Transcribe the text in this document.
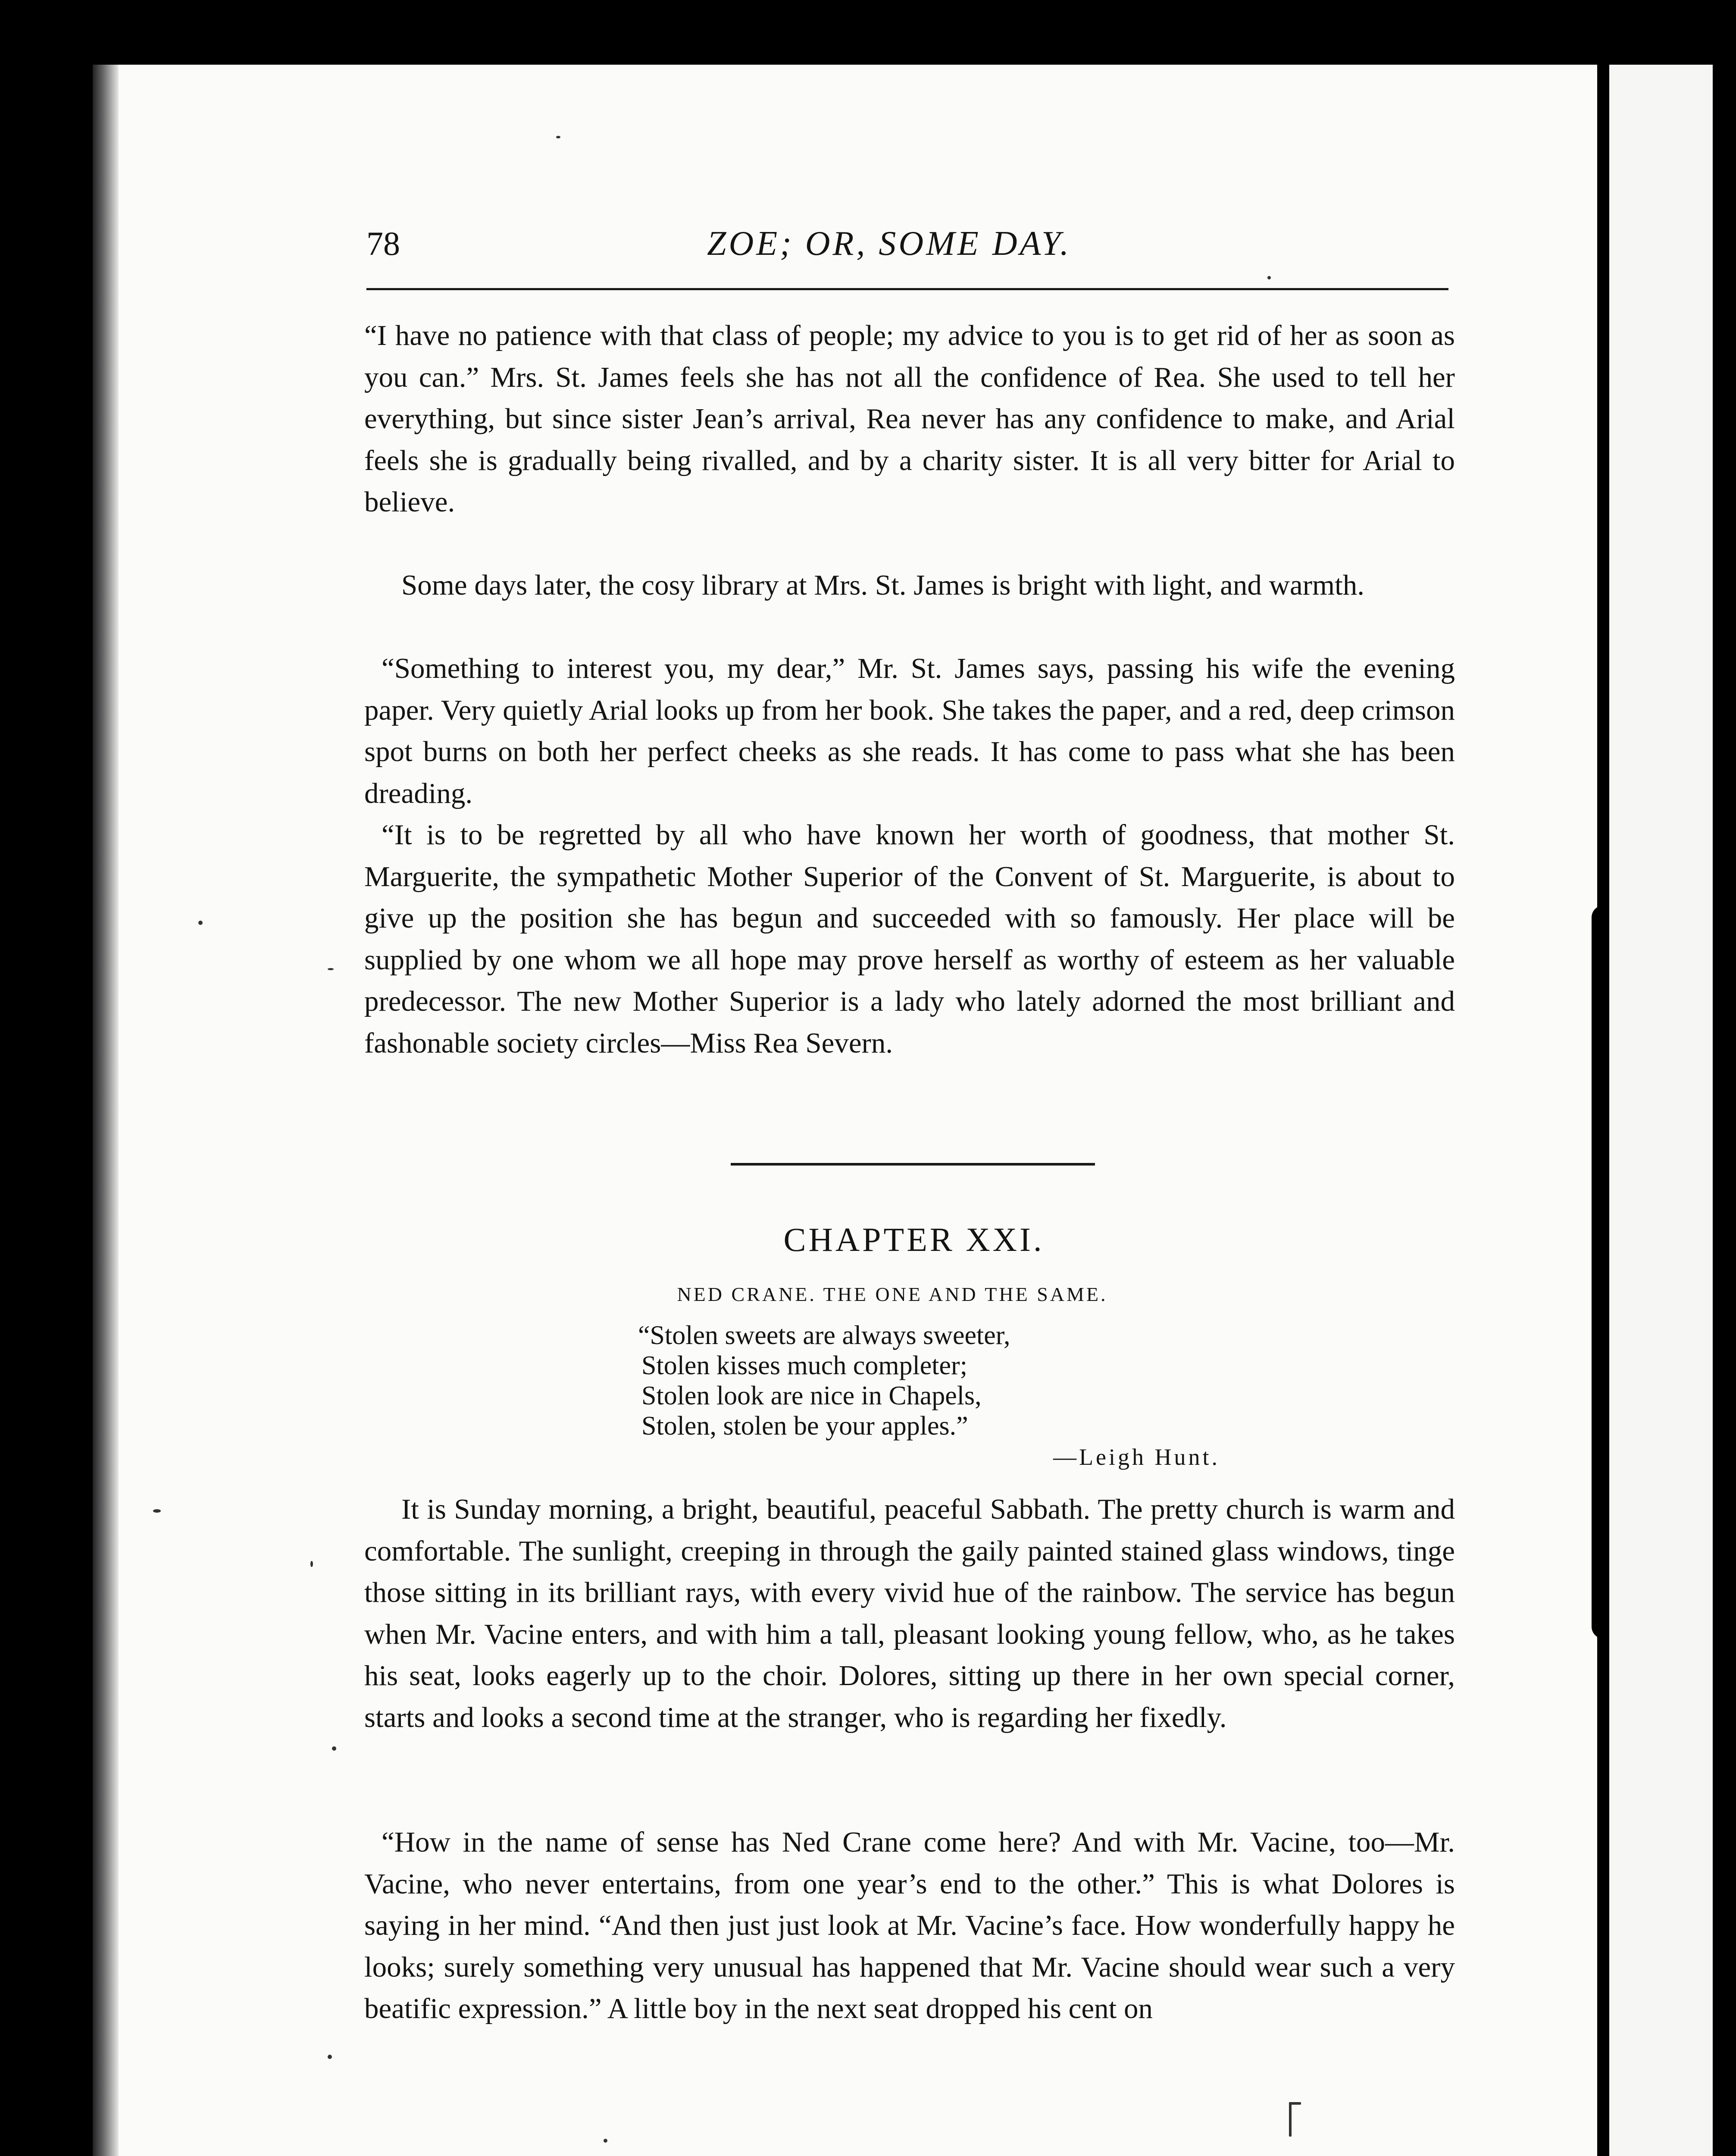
78	ZOE; OR, SOME DAY.

“I have no patience with that class of people; my advice to you is to get rid of her as soon as you can.” Mrs. St. James feels she has not all the confidence of Rea. She used to tell her everything, but since sister Jean’s arrival, Rea never has any confidence to make, and Arial feels she is gradually being rivalled, and by a charity sister. It is all very bitter for Arial to believe.

Some days later, the cosy library at Mrs. St. James is bright with light, and warmth.

“Something to interest you, my dear,” Mr. St. James says, passing his wife the evening paper. Very quietly Arial looks up from her book. She takes the paper, and a red, deep crimson spot burns on both her perfect cheeks as she reads. It has come to pass what she has been dreading.

“It is to be regretted by all who have known her worth of goodness, that mother St. Marguerite, the sympathetic Mother Superior of the Convent of St. Marguerite, is about to give up the position she has begun and succeeded with so famously. Her place will be supplied by one whom we all hope may prove herself as worthy of esteem as her valuable predecessor. The new Mother Superior is a lady who lately adorned the most brilliant and fashonable society circles—Miss Rea Severn.

CHAPTER XXI.
NED CRANE. THE ONE AND THE SAME.
“Stolen sweets are always sweeter,
Stolen kisses much completer;
Stolen look are nice in Chapels,
Stolen, stolen be your apples.”
—Leigh Hunt.

It is Sunday morning, a bright, beautiful, peaceful Sabbath. The pretty church is warm and comfortable. The sunlight, creeping in through the gaily painted stained glass windows, tinge those sitting in its brilliant rays, with every vivid hue of the rainbow. The service has begun when Mr. Vacine enters, and with him a tall, pleasant looking young fellow, who, as he takes his seat, looks eagerly up to the choir. Dolores, sitting up there in her own special corner, starts and looks a second time at the stranger, who is regarding her fixedly.

“How in the name of sense has Ned Crane come here? And with Mr. Vacine, too—Mr. Vacine, who never entertains, from one year’s end to the other.” This is what Dolores is saying in her mind. “And then just just look at Mr. Vacine’s face. How wonderfully happy he looks; surely something very unusual has happened that Mr. Vacine should wear such a very beatific expression.” A little boy in the next seat dropped his cent on
